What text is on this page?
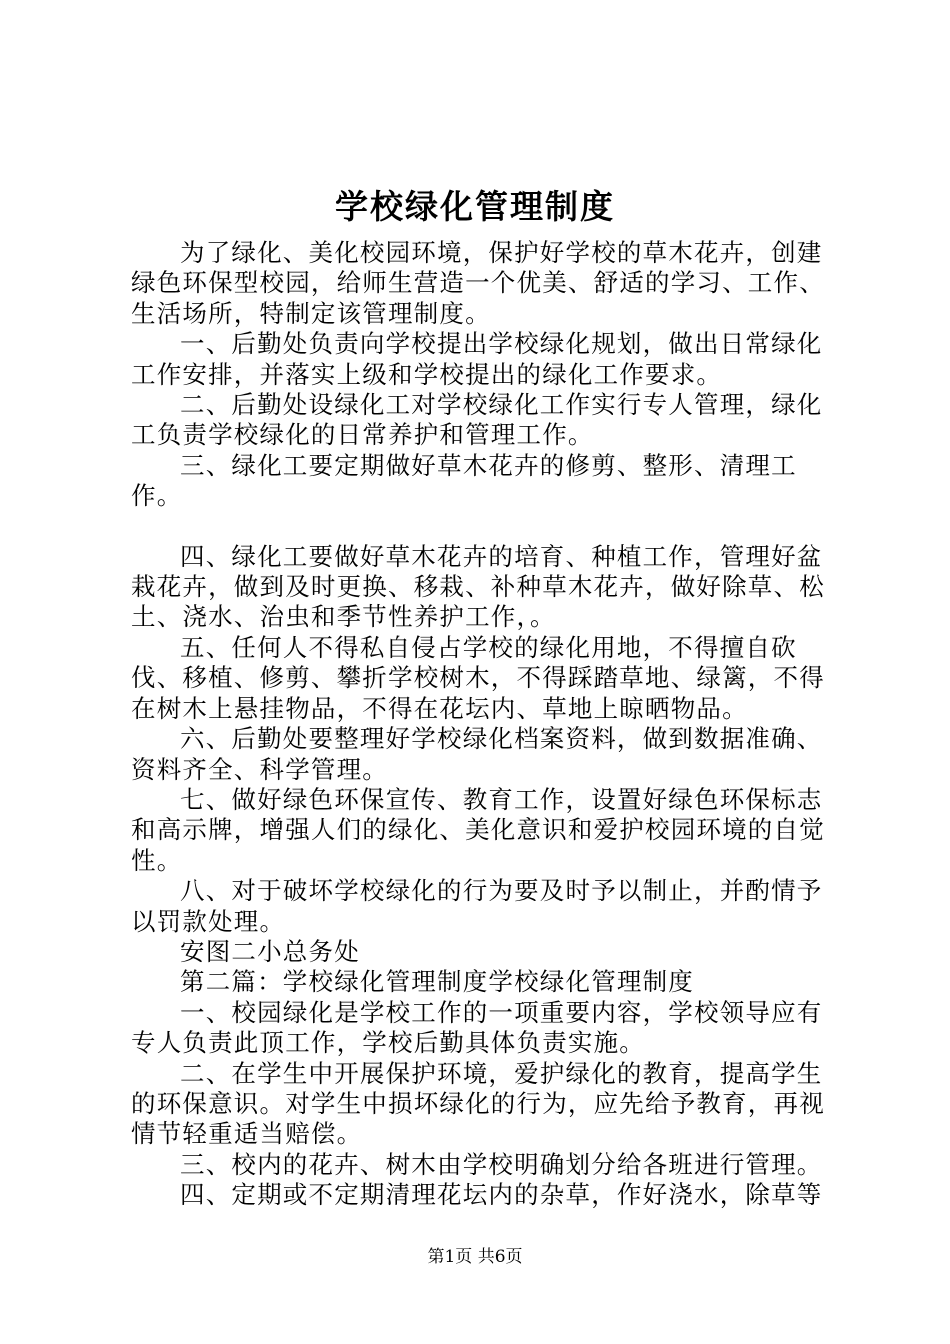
学校绿化管理制度

为了绿化、美化校园环境，保护好学校的草木花卉，创建绿色环保型校园，给师生营造一个优美、舒适的学习、工作、生活场所，特制定该管理制度。

一、后勤处负责向学校提出学校绿化规划，做出日常绿化工作安排，并落实上级和学校提出的绿化工作要求。

二、后勤处设绿化工对学校绿化工作实行专人管理，绿化工负责学校绿化的日常养护和管理工作。

三、绿化工要定期做好草木花卉的修剪、整形、清理工作。

四、绿化工要做好草木花卉的培育、种植工作，管理好盆栽花卉，做到及时更换、移栽、补种草木花卉，做好除草、松土、浇水、治虫和季节性养护工作，。

五、任何人不得私自侵占学校的绿化用地，不得擅自砍伐、移植、修剪、攀折学校树木，不得踩踏草地、绿篱，不得在树木上悬挂物品，不得在花坛内、草地上晾晒物品。

六、后勤处要整理好学校绿化档案资料，做到数据准确、资料齐全、科学管理。

七、做好绿色环保宣传、教育工作，设置好绿色环保标志和高示牌，增强人们的绿化、美化意识和爱护校园环境的自觉性。

八、对于破坏学校绿化的行为要及时予以制止，并酌情予以罚款处理。

安图二小总务处

第二篇：学校绿化管理制度学校绿化管理制度

一、校园绿化是学校工作的一项重要内容，学校领导应有专人负责此顶工作，学校后勤具体负责实施。

二、在学生中开展保护环境，爱护绿化的教育，提高学生的环保意识。对学生中损坏绿化的行为，应先给予教育，再视情节轻重适当赔偿。

三、校内的花卉、树木由学校明确划分给各班进行管理。

四、定期或不定期清理花坛内的杂草，作好浇水，除草等

第1页 共6页
